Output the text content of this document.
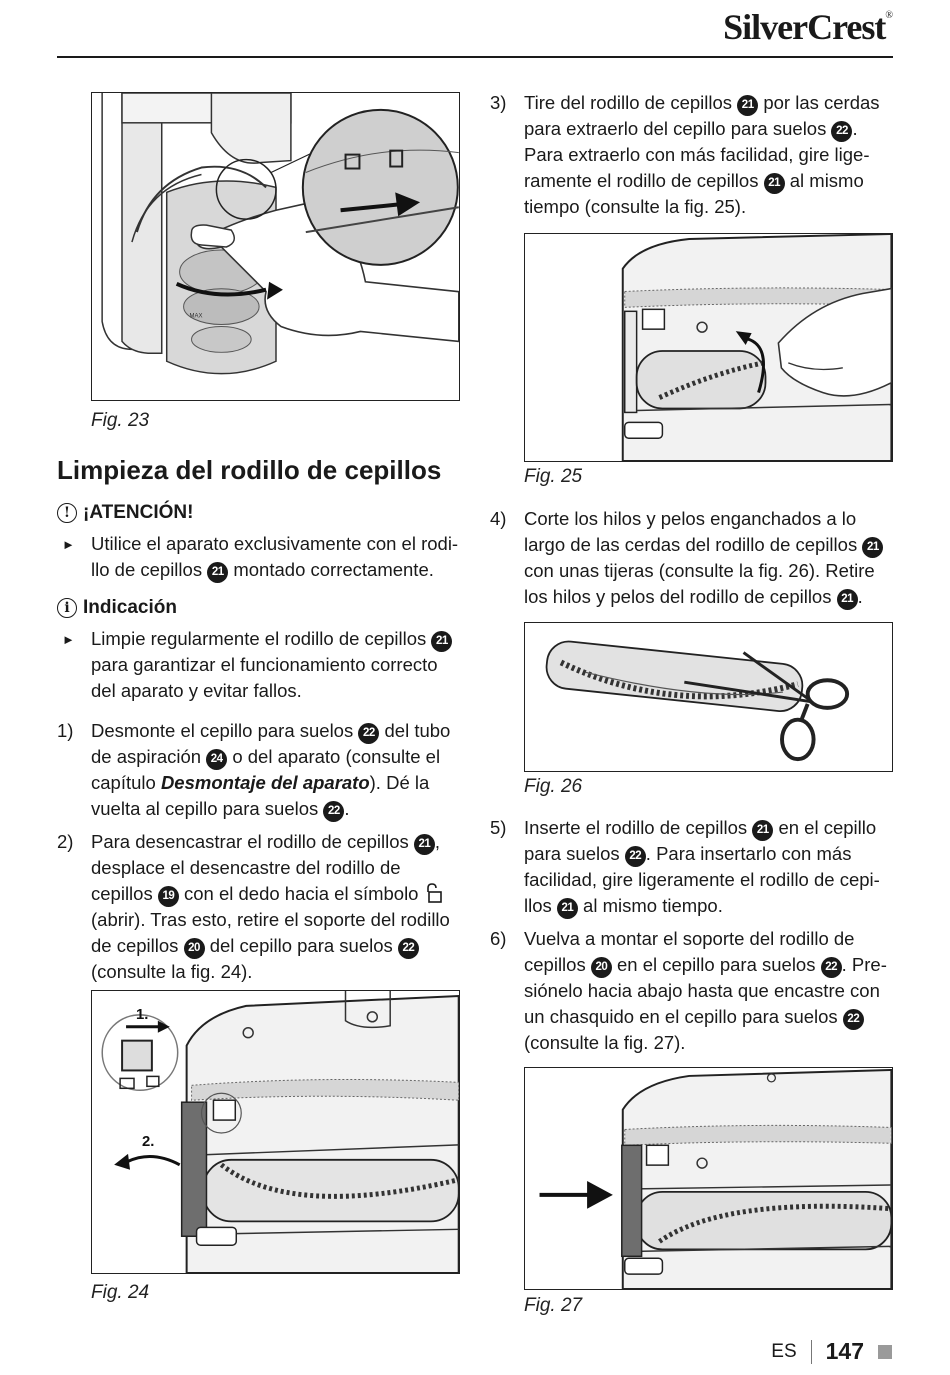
SilverCrest®
MAX
Fig. 23
Limpieza del rodillo de cepillos
! ¡ATENCIÓN!
► Utilice el aparato exclusivamente con el rodi-
llo de cepillos 21 montado correctamente.
i Indicación
► Limpie regularmente el rodillo de cepillos 21
para garantizar el funcionamiento correcto
del aparato y evitar fallos.
1) Desmonte el cepillo para suelos 22 del tubo
de aspiración 24 o del aparato (consulte el
capítulo Desmontaje del aparato). Dé la
vuelta al cepillo para suelos 22 .
2) Para desencastrar el rodillo de cepillos 21 ,
desplace el desencastre del rodillo de
cepillos 19 con el dedo hacia el símbolo
(abrir). Tras esto, retire el soporte del rodillo
de cepillos 20 del cepillo para suelos 22
(consulte la fig. 24).
1.
2.
Fig. 24
3) Tire del rodillo de cepillos 21 por las cerdas
para extraerlo del cepillo para suelos 22 .
Para extraerlo con más facilidad, gire lige-
ramente el rodillo de cepillos 21 al mismo
tiempo (consulte la fig. 25).
Fig. 25
4) Corte los hilos y pelos enganchados a lo
largo de las cerdas del rodillo de cepillos 21
con unas tijeras (consulte la fig. 26). Retire
los hilos y pelos del rodillo de cepillos 21 .
Fig. 26
5) Inserte el rodillo de cepillos 21 en el cepillo
para suelos 22 . Para insertarlo con más
facilidad, gire ligeramente el rodillo de cepi-
llos 21 al mismo tiempo.
6) Vuelva a montar el soporte del rodillo de
cepillos 20 en el cepillo para suelos 22 . Pre-
siónelo hacia abajo hasta que encastre con
un chasquido en el cepillo para suelos 22
(consulte la fig. 27).
Fig. 27
ES 147
